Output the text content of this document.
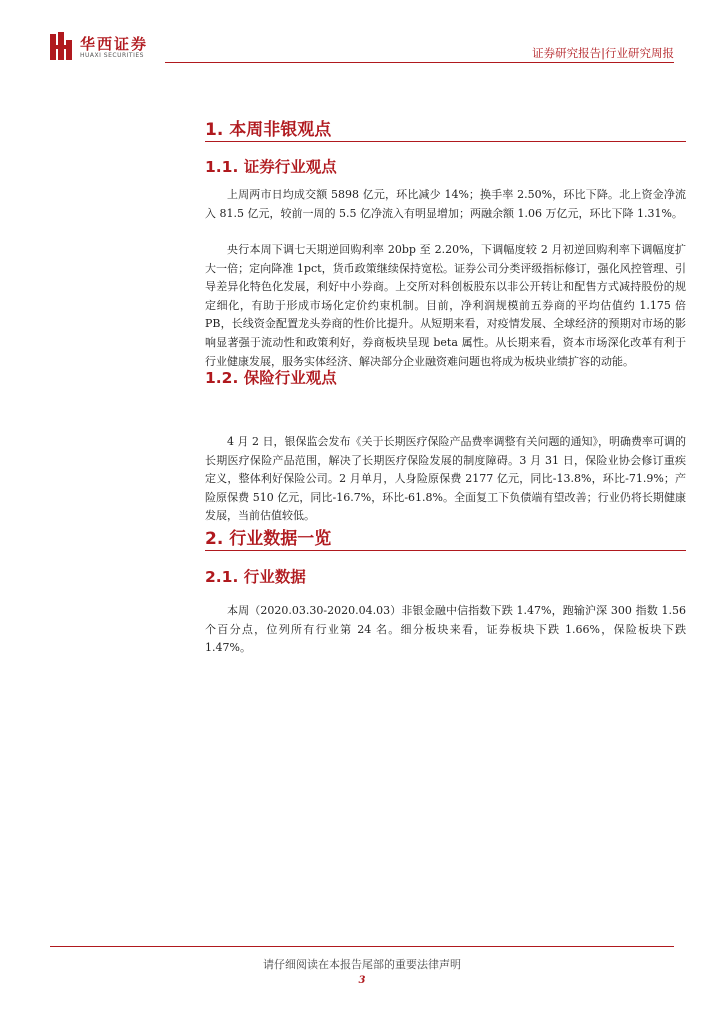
华西证券
HUAXI SECURITIES	证券研究报告|行业研究周报
1. 本周非银观点
1.1. 证券行业观点

上周两市日均成交额 5898 亿元，环比减少 14%；换手率 2.50%，环比下降。北上资金净流入 81.5 亿元，较前一周的 5.5 亿净流入有明显增加；两融余额 1.06 万亿元，环比下降 1.31%。

央行本周下调七天期逆回购利率 20bp 至 2.20%，下调幅度较 2 月初逆回购利率下调幅度扩大一倍；定向降准 1pct，货币政策继续保持宽松。证券公司分类评级指标修订，强化风控管理、引导差异化特色化发展，利好中小券商。上交所对科创板股东以非公开转让和配售方式减持股份的规定细化，有助于形成市场化定价约束机制。目前，净利润规模前五券商的平均估值约 1.175 倍 PB，长线资金配置龙头券商的性价比提升。从短期来看，对疫情发展、全球经济的预期对市场的影响显著强于流动性和政策利好，券商板块呈现 beta 属性。从长期来看，资本市场深化改革有利于行业健康发展，服务实体经济、解决部分企业融资难问题也将成为板块业绩扩容的动能。

1.2. 保险行业观点

4 月 2 日，银保监会发布《关于长期医疗保险产品费率调整有关问题的通知》，明确费率可调的长期医疗保险产品范围，解决了长期医疗保险发展的制度障碍。3 月 31 日，保险业协会修订重疾定义，整体利好保险公司。2 月单月，人身险原保费 2177 亿元，同比-13.8%，环比-71.9%；产险原保费 510 亿元，同比-16.7%，环比-61.8%。全面复工下负债端有望改善；行业仍将长期健康发展，当前估值较低。

2. 行业数据一览
2.1. 行业数据

本周（2020.03.30-2020.04.03）非银金融中信指数下跌 1.47%，跑输沪深 300 指数 1.56 个百分点，位列所有行业第 24 名。细分板块来看，证券板块下跌 1.66%，保险板块下跌 1.47%。

请仔细阅读在本报告尾部的重要法律声明
3
